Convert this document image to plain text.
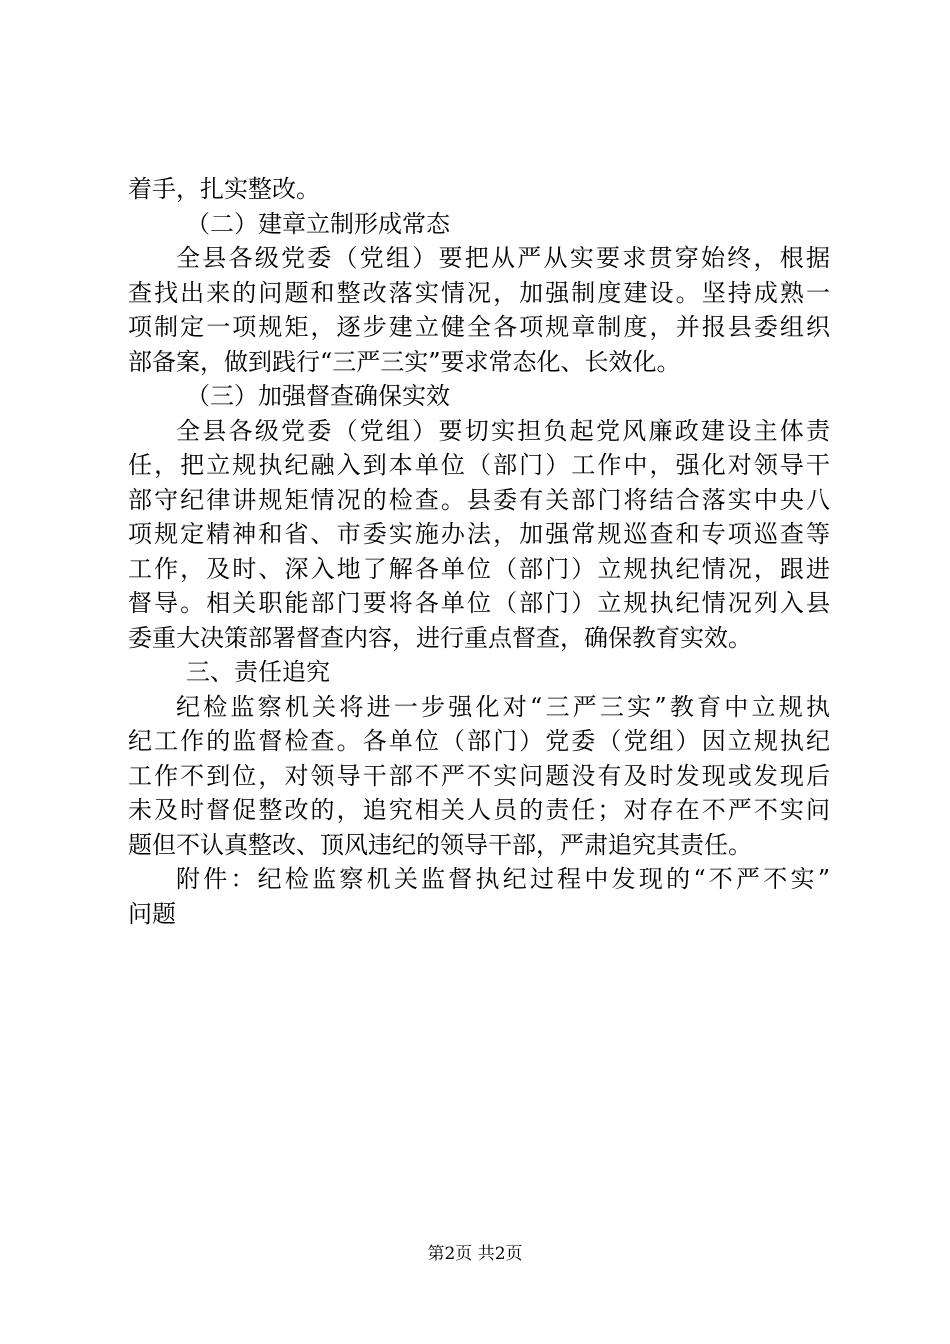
着手，扎实整改。
（二）建章立制形成常态
全县各级党委（党组）要把从严从实要求贯穿始终，根据
查找出来的问题和整改落实情况，加强制度建设。坚持成熟一
项制定一项规矩，逐步建立健全各项规章制度，并报县委组织
部备案，做到践行“三严三实”要求常态化、长效化。
（三）加强督查确保实效
全县各级党委（党组）要切实担负起党风廉政建设主体责
任，把立规执纪融入到本单位（部门）工作中，强化对领导干
部守纪律讲规矩情况的检查。县委有关部门将结合落实中央八
项规定精神和省、市委实施办法，加强常规巡查和专项巡查等
工作，及时、深入地了解各单位（部门）立规执纪情况，跟进
督导。相关职能部门要将各单位（部门）立规执纪情况列入县
委重大决策部署督查内容，进行重点督查，确保教育实效。
三、责任追究
纪检监察机关将进一步强化对“三严三实”教育中立规执
纪工作的监督检查。各单位（部门）党委（党组）因立规执纪
工作不到位，对领导干部不严不实问题没有及时发现或发现后
未及时督促整改的，追究相关人员的责任；对存在不严不实问
题但不认真整改、顶风违纪的领导干部，严肃追究其责任。
附件：纪检监察机关监督执纪过程中发现的“不严不实”
问题
第2页 共2页
